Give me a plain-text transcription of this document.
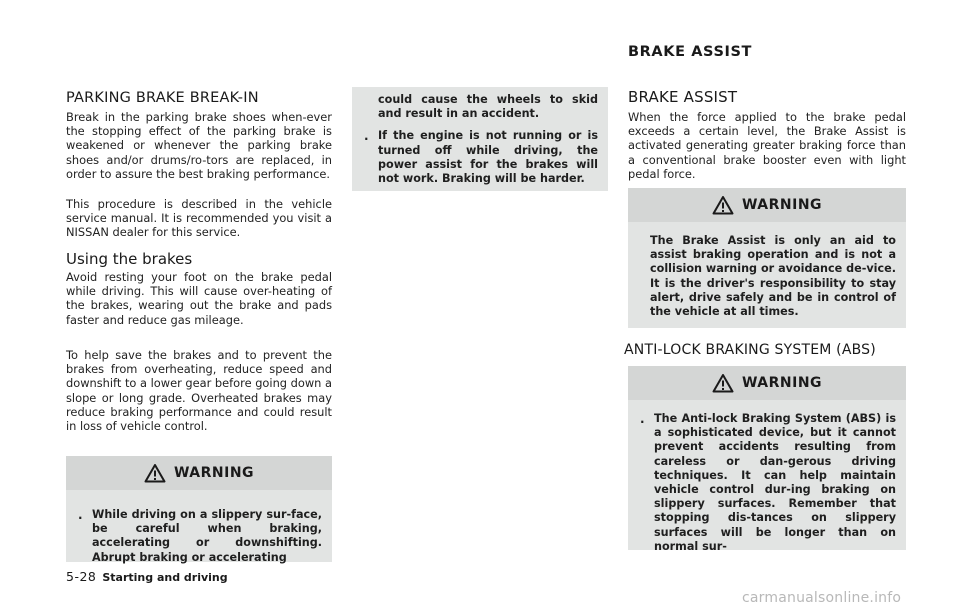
BRAKE ASSIST
PARKING BRAKE BREAK-IN

Break in the parking brake shoes when-ever the stopping effect of the parking brake is weakened or whenever the parking brake shoes and/or drums/ro-tors are replaced, in order to assure the best braking performance.

This procedure is described in the vehicle service manual. It is recommended you visit a NISSAN dealer for this service.

Using the brakes

Avoid resting your foot on the brake pedal while driving. This will cause over-heating of the brakes, wearing out the brake and pads faster and reduce gas mileage.

To help save the brakes and to prevent the brakes from overheating, reduce speed and downshift to a lower gear before going down a slope or long grade. Overheated brakes may reduce braking performance and could result in loss of vehicle control.

WARNING
. While driving on a slippery sur-face, be careful when braking, accelerating or downshifting. Abrupt braking or accelerating
could cause the wheels to skid and result in an accident.
. If the engine is not running or is turned off while driving, the power assist for the brakes will not work. Braking will be harder.
BRAKE ASSIST

When the force applied to the brake pedal exceeds a certain level, the Brake Assist is activated generating greater braking force than a conventional brake booster even with light pedal force.

WARNING
The Brake Assist is only an aid to assist braking operation and is not a collision warning or avoidance de-vice. It is the driver's responsibility to stay alert, drive safely and be in control of the vehicle at all times.
ANTI-LOCK BRAKING SYSTEM (ABS)
WARNING
. The Anti-lock Braking System (ABS) is a sophisticated device, but it cannot prevent accidents resulting from careless or dan-gerous driving techniques. It can help maintain vehicle control dur-ing braking on slippery surfaces. Remember that stopping dis-tances on slippery surfaces will be longer than on normal sur-
5-28 Starting and driving
carmanualsonline.info
